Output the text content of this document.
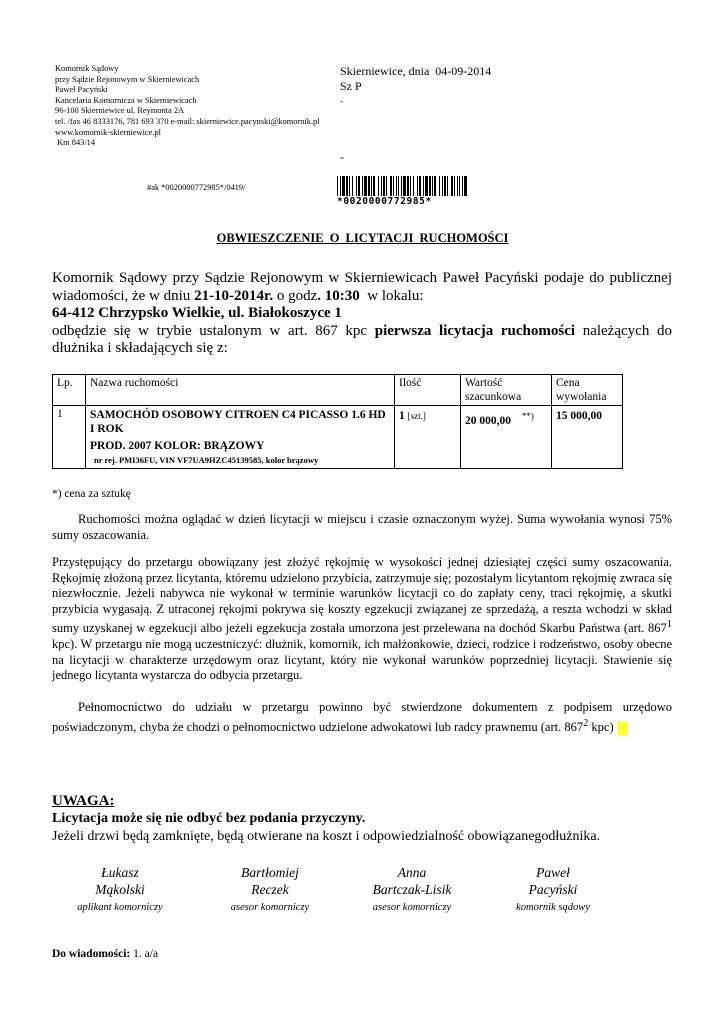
Komornik Sądowy
przy Sądzie Rejonowym w Skierniewicach
Paweł Pacyński
Kancelaria Komornicza w Skierniewicach
96-100 Skierniewice ul. Reymonta 2A
tel. /fax 46 8333176, 781 693 370 e-mail: skierniewice.pacynski@komornik.pl
www.komornik-skierniewice.pl
Km 843/14
Skierniewice, dnia  04-09-2014
Sz P
-
-
#ak *0020000772985*/0419/
*0020000772985*
OBWIESZCZENIE O LICYTACJI RUCHOMOŚCI
Komornik Sądowy przy Sądzie Rejonowym w Skierniewicach Paweł Pacyński podaje do publicznej wiadomości, że w dniu 21-10-2014r. o godz. 10:30  w lokalu:
64-412 Chrzypsko Wielkie, ul. Białokoszyce 1
odbędzie się w trybie ustalonym w art. 867 kpc pierwsza licytacja ruchomości należących do dłużnika i składających się z:
Lp.	Nazwa ruchomości	Ilość	Wartość szacunkowa	Cena wywołania
1	SAMOCHÓD OSOBOWY CITROEN C4 PICASSO 1.6 HD I ROK
PROD. 2007 KOLOR: BRĄZOWY
nr rej. PMI36FU, VIN VF7UA9HZC45139585, kolor brązowy	1 [szt.]	20 000,00 **)	15 000,00
*) cena za sztukę
Ruchomości można oglądać w dzień licytacji w miejscu i czasie oznaczonym wyżej. Suma wywołania wynosi 75% sumy oszacowania.
Przystępujący do przetargu obowiązany jest złożyć rękojmię w wysokości jednej dziesiątej części sumy oszacowania. Rękojmię złożoną przez licytanta, któremu udzielono przybicia, zatrzymuje się; pozostałym licytantom rękojmię zwraca się niezwłocznie. Jeżeli nabywca nie wykonał w terminie warunków licytacji co do zapłaty ceny, traci rękojmię, a skutki przybicia wygasają. Z utraconej rękojmi pokrywa się koszty egzekucji związanej ze sprzedażą, a reszta wchodzi w skład sumy uzyskanej w egzekucji albo jeżeli egzekucja została umorzona jest przelewana na dochód Skarbu Państwa (art. $867^1$ kpc). W przetargu nie mogą uczestniczyć: dłużnik, komornik, ich małżonkowie, dzieci, rodzice i rodzeństwo, osoby obecne na licytacji w charakterze urzędowym oraz licytant, który nie wykonał warunków poprzedniej licytacji. Stawienie się jednego licytanta wystarcza do odbycia przetargu.
Pełnomocnictwo do udziału w przetargu powinno być stwierdzone dokumentem z podpisem urzędowo poświadczonym, chyba że chodzi o pełnomocnictwo udzielone adwokatowi lub radcy prawnemu (art. $867^2$ kpc)
UWAGA:
Licytacja może się nie odbyć bez podania przyczyny.
Jeżeli drzwi będą zamknięte, będą otwierane na koszt i odpowiedzialność obowiązanegodłużnika.
Łukasz
Mąkolski
aplikant komorniczy
Bartłomiej
Reczek
asesor komorniczy
Anna
Bartczak-Lisik
asesor komorniczy
Paweł
Pacyński
komornik sądowy
Do wiadomości: 1. a/a
